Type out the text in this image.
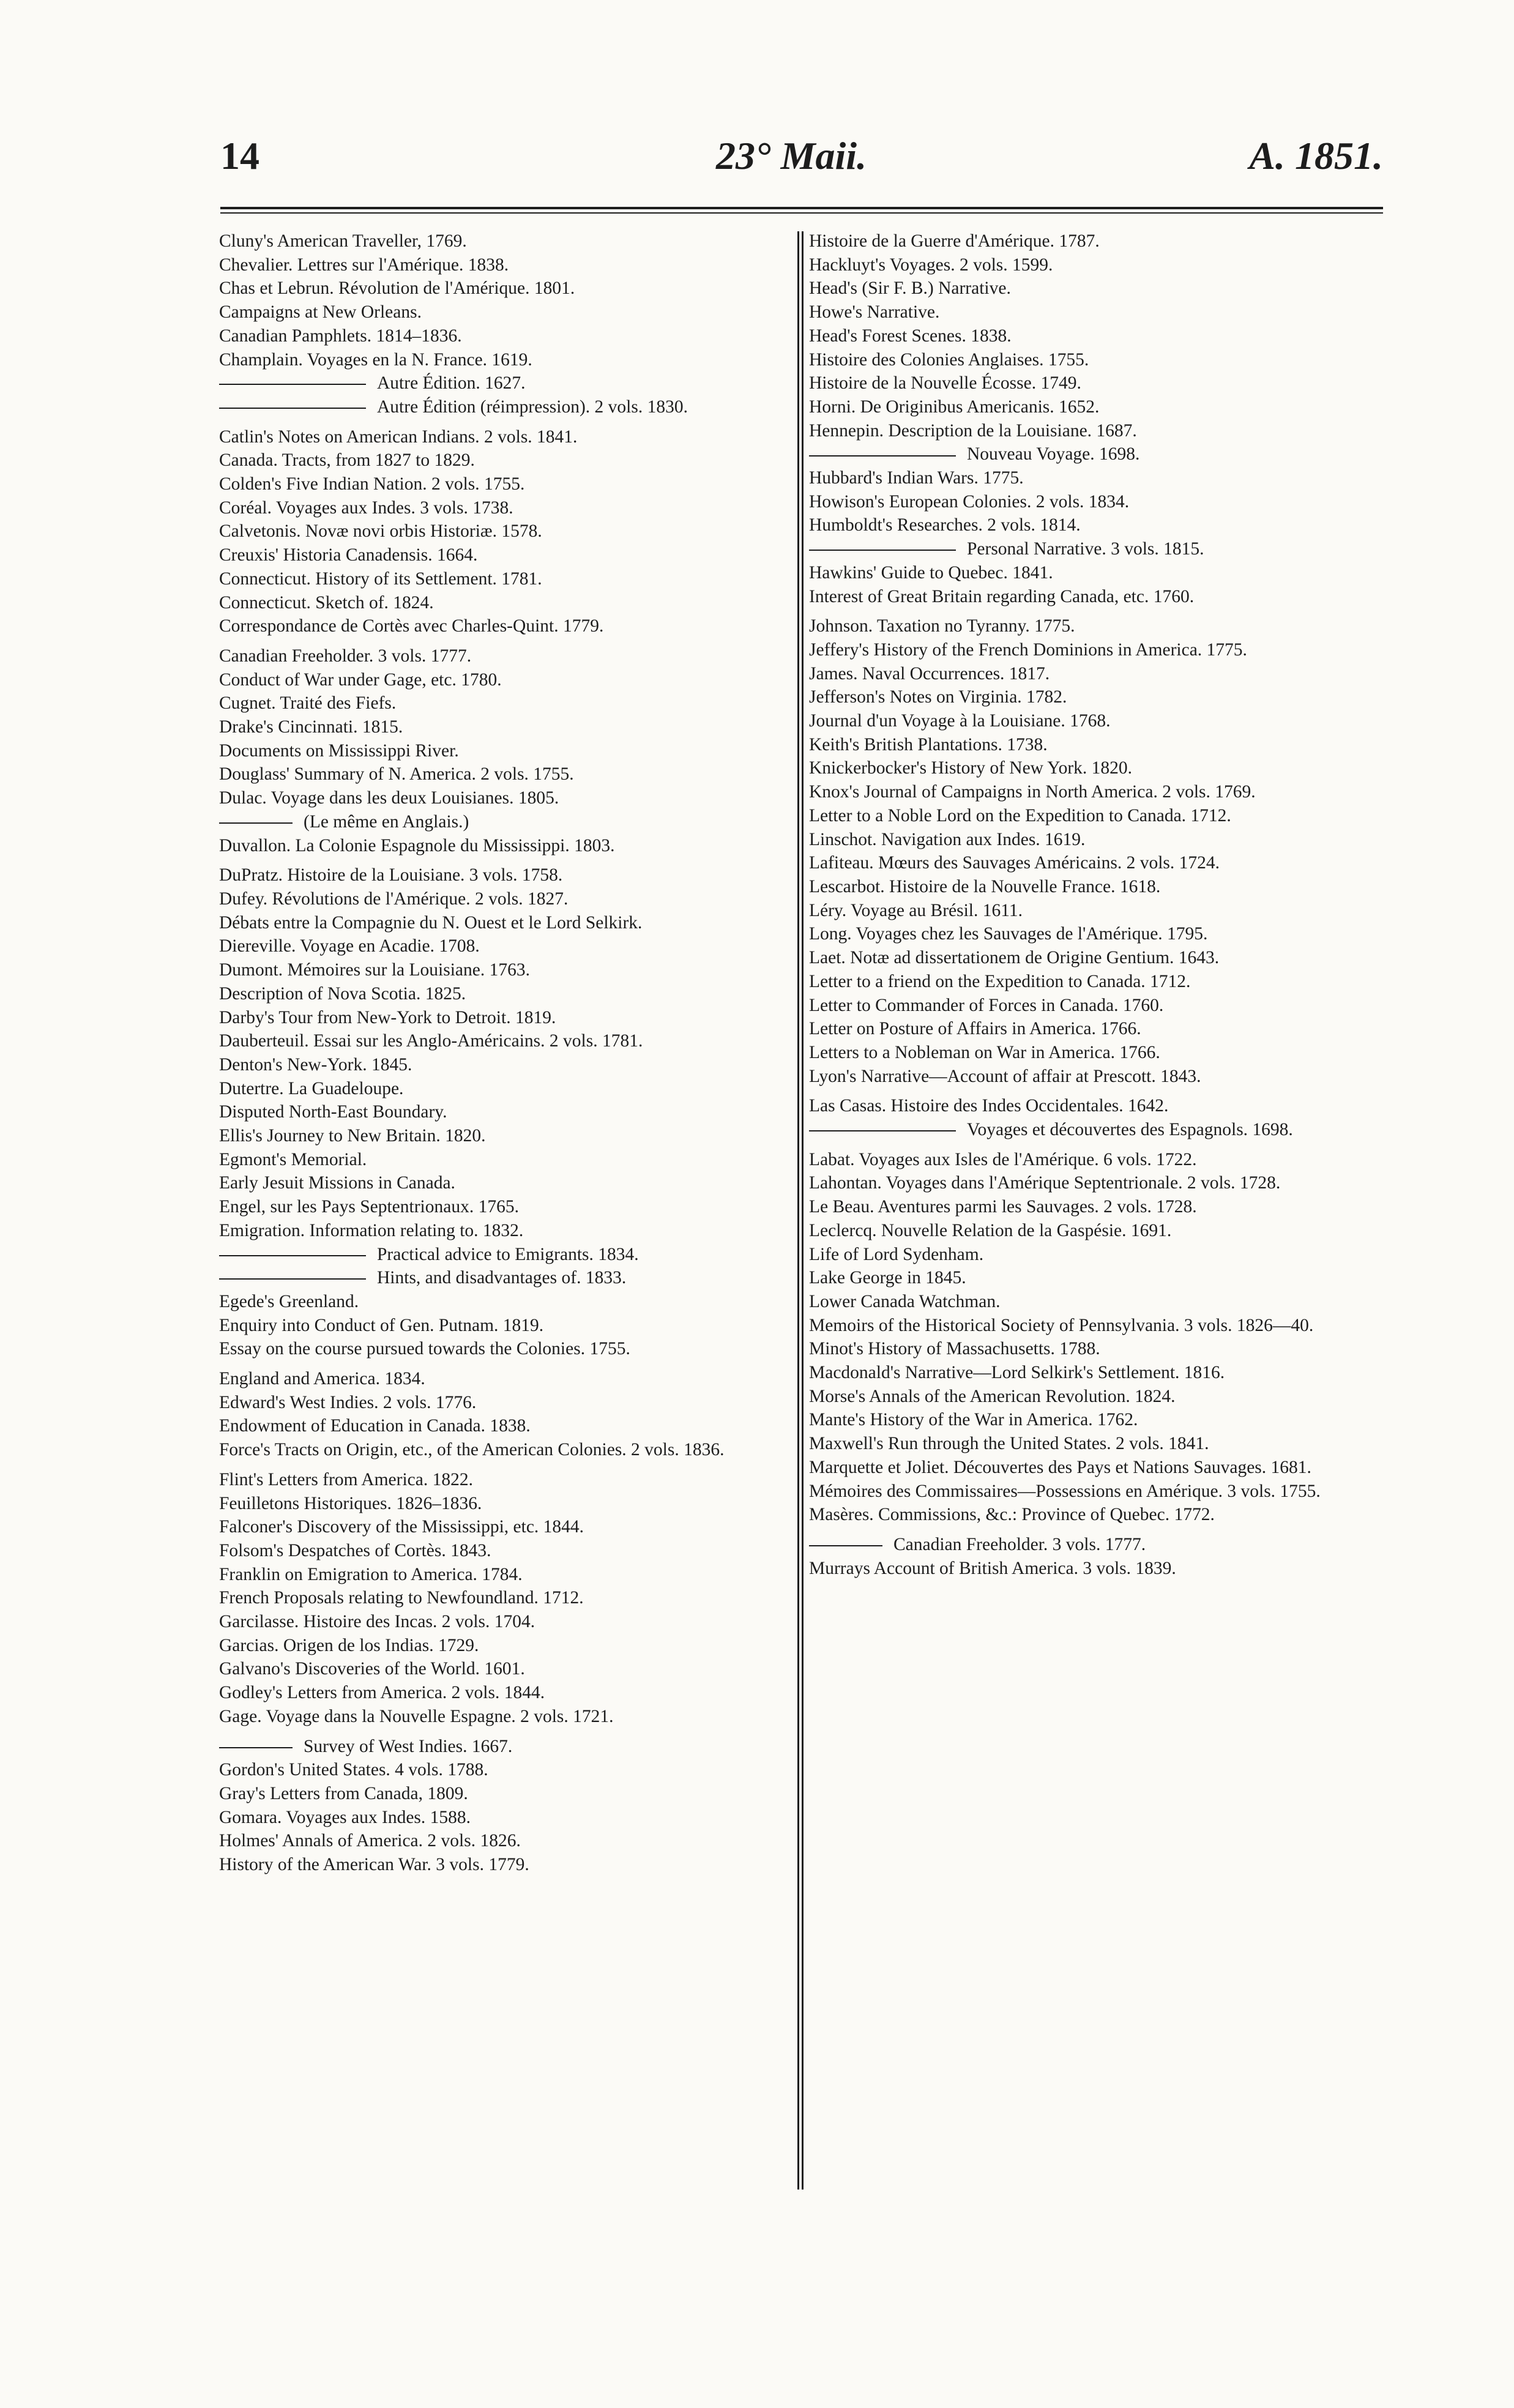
14	23° Maii.	A. 1851.
Cluny's American Traveller, 1769.
Chevalier. Lettres sur l'Amérique. 1838.
Chas et Lebrun. Révolution de l'Amérique. 1801.
Campaigns at New Orleans.
Canadian Pamphlets. 1814–1836.
Champlain. Voyages en la N. France. 1619.
Autre Édition. 1627.
Autre Édition (réimpression). 2 vols. 1830.
Catlin's Notes on American Indians. 2 vols. 1841.
Canada. Tracts, from 1827 to 1829.
Colden's Five Indian Nation. 2 vols. 1755.
Coréal. Voyages aux Indes. 3 vols. 1738.
Calvetonis. Novæ novi orbis Historiæ. 1578.
Creuxis' Historia Canadensis. 1664.
Connecticut. History of its Settlement. 1781.
Connecticut. Sketch of. 1824.
Correspondance de Cortès avec Charles-Quint. 1779.
Canadian Freeholder. 3 vols. 1777.
Conduct of War under Gage, etc. 1780.
Cugnet. Traité des Fiefs.
Drake's Cincinnati. 1815.
Documents on Mississippi River.
Douglass' Summary of N. America. 2 vols. 1755.
Dulac. Voyage dans les deux Louisianes. 1805.
(Le même en Anglais.)
Duvallon. La Colonie Espagnole du Mississippi. 1803.
DuPratz. Histoire de la Louisiane. 3 vols. 1758.
Dufey. Révolutions de l'Amérique. 2 vols. 1827.
Débats entre la Compagnie du N. Ouest et le Lord Selkirk.
Diereville. Voyage en Acadie. 1708.
Dumont. Mémoires sur la Louisiane. 1763.
Description of Nova Scotia. 1825.
Darby's Tour from New-York to Detroit. 1819.
Dauberteuil. Essai sur les Anglo-Américains. 2 vols. 1781.
Denton's New-York. 1845.
Dutertre. La Guadeloupe.
Disputed North-East Boundary.
Ellis's Journey to New Britain. 1820.
Egmont's Memorial.
Early Jesuit Missions in Canada.
Engel, sur les Pays Septentrionaux. 1765.
Emigration. Information relating to. 1832.
Practical advice to Emigrants. 1834.
Hints, and disadvantages of. 1833.
Egede's Greenland.
Enquiry into Conduct of Gen. Putnam. 1819.
Essay on the course pursued towards the Colonies. 1755.
England and America. 1834.
Edward's West Indies. 2 vols. 1776.
Endowment of Education in Canada. 1838.
Force's Tracts on Origin, etc., of the American Colonies. 2 vols. 1836.
Flint's Letters from America. 1822.
Feuilletons Historiques. 1826–1836.
Falconer's Discovery of the Mississippi, etc. 1844.
Folsom's Despatches of Cortès. 1843.
Franklin on Emigration to America. 1784.
French Proposals relating to Newfoundland. 1712.
Garcilasse. Histoire des Incas. 2 vols. 1704.
Garcias. Origen de los Indias. 1729.
Galvano's Discoveries of the World. 1601.
Godley's Letters from America. 2 vols. 1844.
Gage. Voyage dans la Nouvelle Espagne. 2 vols. 1721.
Survey of West Indies. 1667.
Gordon's United States. 4 vols. 1788.
Gray's Letters from Canada, 1809.
Gomara. Voyages aux Indes. 1588.
Holmes' Annals of America. 2 vols. 1826.
History of the American War. 3 vols. 1779.
Histoire de la Guerre d'Amérique. 1787.
Hackluyt's Voyages. 2 vols. 1599.
Head's (Sir F. B.) Narrative.
Howe's Narrative.
Head's Forest Scenes. 1838.
Histoire des Colonies Anglaises. 1755.
Histoire de la Nouvelle Écosse. 1749.
Horni. De Originibus Americanis. 1652.
Hennepin. Description de la Louisiane. 1687.
Nouveau Voyage. 1698.
Hubbard's Indian Wars. 1775.
Howison's European Colonies. 2 vols. 1834.
Humboldt's Researches. 2 vols. 1814.
Personal Narrative. 3 vols. 1815.
Hawkins' Guide to Quebec. 1841.
Interest of Great Britain regarding Canada, etc. 1760.
Johnson. Taxation no Tyranny. 1775.
Jeffery's History of the French Dominions in America. 1775.
James. Naval Occurrences. 1817.
Jefferson's Notes on Virginia. 1782.
Journal d'un Voyage à la Louisiane. 1768.
Keith's British Plantations. 1738.
Knickerbocker's History of New York. 1820.
Knox's Journal of Campaigns in North America. 2 vols. 1769.
Letter to a Noble Lord on the Expedition to Canada. 1712.
Linschot. Navigation aux Indes. 1619.
Lafiteau. Mœurs des Sauvages Américains. 2 vols. 1724.
Lescarbot. Histoire de la Nouvelle France. 1618.
Léry. Voyage au Brésil. 1611.
Long. Voyages chez les Sauvages de l'Amérique. 1795.
Laet. Notæ ad dissertationem de Origine Gentium. 1643.
Letter to a friend on the Expedition to Canada. 1712.
Letter to Commander of Forces in Canada. 1760.
Letter on Posture of Affairs in America. 1766.
Letters to a Nobleman on War in America. 1766.
Lyon's Narrative—Account of affair at Prescott. 1843.
Las Casas. Histoire des Indes Occidentales. 1642.
Voyages et découvertes des Espagnols. 1698.
Labat. Voyages aux Isles de l'Amérique. 6 vols. 1722.
Lahontan. Voyages dans l'Amérique Septentrionale. 2 vols. 1728.
Le Beau. Aventures parmi les Sauvages. 2 vols. 1728.
Leclercq. Nouvelle Relation de la Gaspésie. 1691.
Life of Lord Sydenham.
Lake George in 1845.
Lower Canada Watchman.
Memoirs of the Historical Society of Pennsylvania. 3 vols. 1826—40.
Minot's History of Massachusetts. 1788.
Macdonald's Narrative—Lord Selkirk's Settlement. 1816.
Morse's Annals of the American Revolution. 1824.
Mante's History of the War in America. 1762.
Maxwell's Run through the United States. 2 vols. 1841.
Marquette et Joliet. Découvertes des Pays et Nations Sauvages. 1681.
Mémoires des Commissaires—Possessions en Amérique. 3 vols. 1755.
Masères. Commissions, &c.: Province of Quebec. 1772.
Canadian Freeholder. 3 vols. 1777.
Murrays Account of British America. 3 vols. 1839.
